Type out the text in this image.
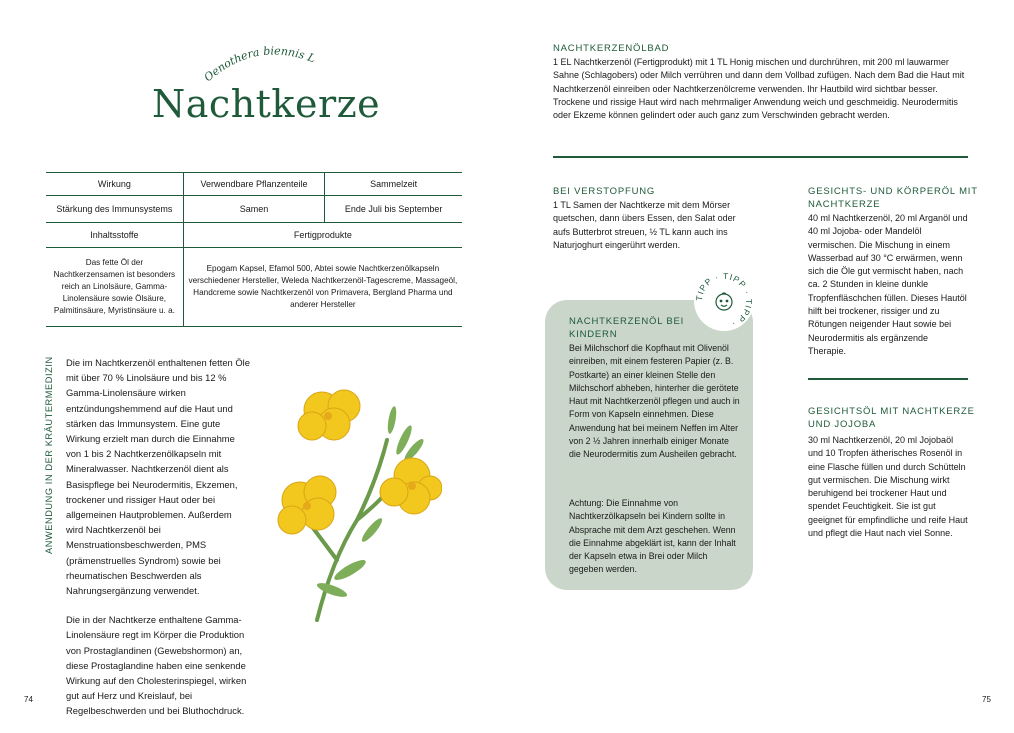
Oenothera biennis L
Nachtkerze
Wirkung	Verwendbare Pflanzenteile	Sammelzeit
Stärkung des Immunsystems	Samen	Ende Juli bis September
Inhaltsstoffe	Fertigprodukte	
Das fette Öl der Nachtkerzensamen ist besonders reich an Linolsäure, Gamma-Linolensäure sowie Ölsäure, Palmitinsäure, Myristinsäure u. a.	Epogam Kapsel, Efamol 500, Abtei sowie Nachtkerzenölkapseln verschiedener Hersteller, Weleda Nachtkerzenöl-Tagescreme, Massageöl, Handcreme sowie Nachtkerzenöl von Primavera, Bergland Pharma und anderer Hersteller	
ANWENDUNG IN DER KRÄUTERMEDIZIN Die im Nachtkerzenöl enthaltenen fetten Öle mit über 70 % Linolsäure und bis 12 % Gamma-Linolensäure wirken entzündungshemmend auf die Haut und stärken das Immunsystem. Eine gute Wirkung erzielt man durch die Einnahme von 1 bis 2 Nachtkerzenölkapseln mit Mineralwasser. Nachtkerzenöl dient als Basispflege bei Neurodermitis, Ekzemen, trockener und rissiger Haut oder bei allgemeinen Hautproblemen. Außerdem wird Nachtkerzenöl bei Menstruationsbeschwerden, PMS (prämenstruelles Syndrom) sowie bei rheumatischen Beschwerden als Nahrungsergänzung verwendet.

Die in der Nachtkerze enthaltene Gamma-Linolensäure regt im Körper die Produktion von Prostaglandinen (Gewebshormon) an, diese Prostaglandine haben eine senkende Wirkung auf den Cholesterinspiegel, wirken gut auf Herz und Kreislauf, bei Regelbeschwerden und bei Bluthochdruck.

74
NACHTKERZENÖLBAD
1 EL Nachtkerzenöl (Fertigprodukt) mit 1 TL Honig mischen und durchrühren, mit 200 ml lauwarmer Sahne (Schlagobers) oder Milch verrühren und dann dem Vollbad zufügen. Nach dem Bad die Haut mit Nachtkerzenöl einreiben oder Nachtkerzenölcreme verwenden. Ihr Hautbild wird sichtbar besser. Trockene und rissige Haut wird nach mehrmaliger Anwendung weich und geschmeidig. Neurodermitis oder Ekzeme können gelindert oder auch ganz zum Verschwinden gebracht werden.
BEI VERSTOPFUNG
1 TL Samen der Nachtkerze mit dem Mörser quetschen, dann übers Essen, den Salat oder aufs Butterbrot streuen, ½ TL kann auch ins Naturjoghurt eingerührt werden.
GESICHTS- UND KÖRPERÖL MIT NACHTKERZE
40 ml Nachtkerzenöl, 20 ml Arganöl und 40 ml Jojoba- oder Mandelöl vermischen. Die Mischung in einem Wasserbad auf 30 °C erwärmen, wenn sich die Öle gut vermischt haben, nach ca. 2 Stunden in kleine dunkle Tropfenfläschchen füllen. Dieses Hautöl hilft bei trockener, rissiger und zu Rötungen neigender Haut sowie bei Neurodermitis als ergänzende Therapie.
GESICHTSÖL MIT NACHTKERZE UND JOJOBA
30 ml Nachtkerzenöl, 20 ml Jojobaöl und 10 Tropfen ätherisches Rosenöl in eine Flasche füllen und durch Schütteln gut vermischen. Die Mischung wirkt beruhigend bei trockener Haut und spendet Feuchtigkeit. Sie ist gut geeignet für empfindliche und reife Haut und pflegt die Haut nach viel Sonne.
NACHTKERZENÖL BEI KINDERN
Bei Milchschorf die Kopfhaut mit Olivenöl einreiben, mit einem festeren Papier (z. B. Postkarte) an einer kleinen Stelle den Milchschorf abheben, hinterher die gerötete Haut mit Nachtkerzenöl pflegen und auch in Form von Kapseln einnehmen. Diese Anwendung hat bei meinem Neffen im Alter von 2 ½ Jahren innerhalb einiger Monate die Neurodermitis zum Ausheilen gebracht.
Achtung: Die Einnahme von Nachtkerzölkapseln bei Kindern sollte in Absprache mit dem Arzt geschehen. Wenn die Einnahme abgeklärt ist, kann der Inhalt der Kapseln etwa in Brei oder Milch gegeben werden.
TIPP · TIPP · TIPP ·
75
